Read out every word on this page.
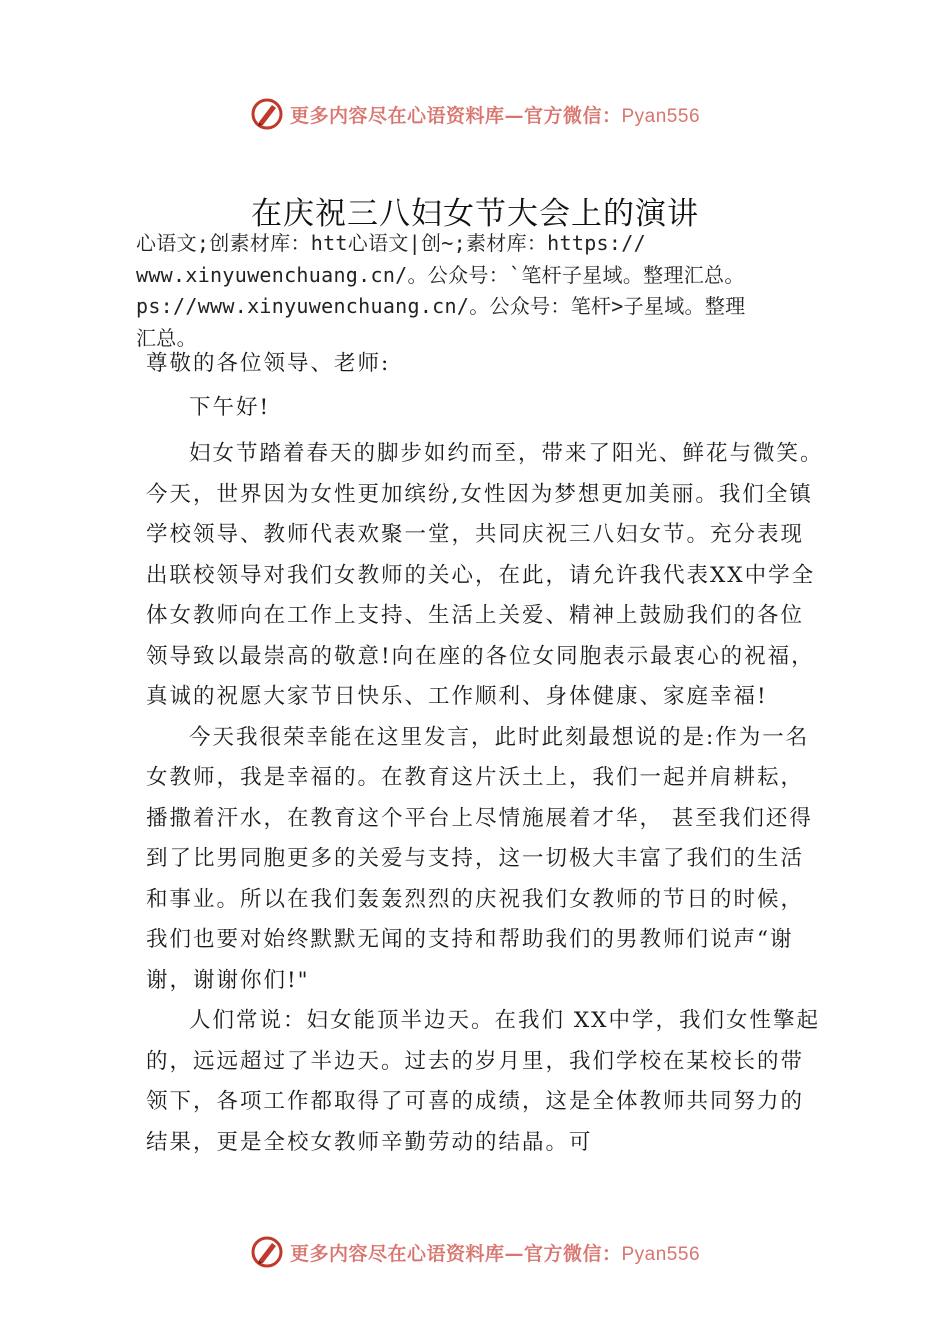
更多内容尽在心语资料库—官方微信：Pyan556
在庆祝三八妇女节大会上的演讲
心语文;创素材库：htt心语文|创~;素材库：https://
www.xinyuwenchuang.cn/。公众号：`笔杆子星域。整理汇总。
ps://www.xinyuwenchuang.cn/。公众号：笔杆>子星域。整理
汇总。

尊敬的各位领导、老师:

下午好!

妇女节踏着春天的脚步如约而至，带来了阳光、鲜花与微笑。今天，世界因为女性更加缤纷,女性因为梦想更加美丽。我们全镇学校领导、教师代表欢聚一堂，共同庆祝三八妇女节。充分表现出联校领导对我们女教师的关心，在此，请允许我代表XX中学全体女教师向在工作上支持、生活上关爱、精神上鼓励我们的各位领导致以最崇高的敬意!向在座的各位女同胞表示最衷心的祝福，真诚的祝愿大家节日快乐、工作顺利、身体健康、家庭幸福!

今天我很荣幸能在这里发言，此时此刻最想说的是:作为一名女教师，我是幸福的。在教育这片沃土上，我们一起并肩耕耘，播撒着汗水，在教育这个平台上尽情施展着才华， 甚至我们还得到了比男同胞更多的关爱与支持，这一切极大丰富了我们的生活和事业。所以在我们轰轰烈烈的庆祝我们女教师的节日的时候，我们也要对始终默默无闻的支持和帮助我们的男教师们说声“谢谢，谢谢你们!"

人们常说：妇女能顶半边天。在我们 XX中学，我们女性擎起的，远远超过了半边天。过去的岁月里，我们学校在某校长的带领下，各项工作都取得了可喜的成绩，这是全体教师共同努力的结果，更是全校女教师辛勤劳动的结晶。可

更多内容尽在心语资料库—官方微信：Pyan556
